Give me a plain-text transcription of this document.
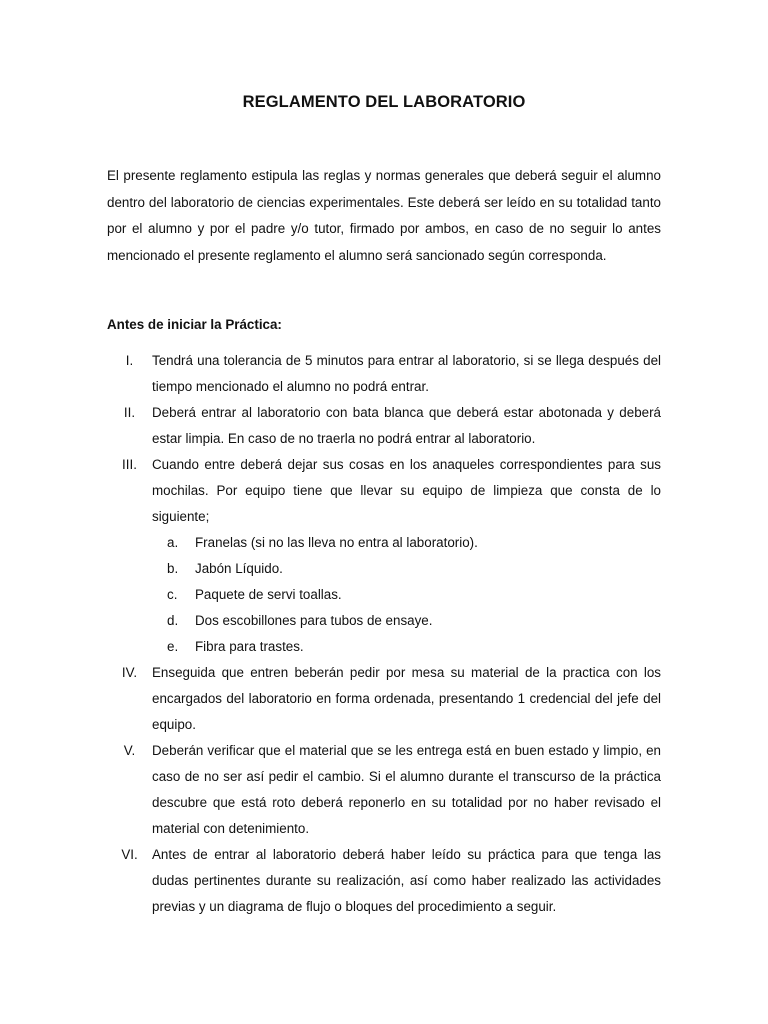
REGLAMENTO DEL LABORATORIO
El presente reglamento estipula las reglas y normas generales que deberá seguir el alumno dentro del laboratorio de ciencias experimentales. Este deberá ser leído en su totalidad tanto por el alumno y por el padre y/o tutor, firmado por ambos, en caso de no seguir lo antes mencionado el presente reglamento el alumno será sancionado según corresponda.
Antes de iniciar la Práctica:
I.	Tendrá una tolerancia de 5 minutos para entrar al laboratorio, si se llega después del tiempo mencionado el alumno no podrá entrar.
II.	Deberá entrar al laboratorio con bata blanca que deberá estar abotonada y deberá estar limpia. En caso de no traerla no podrá entrar al laboratorio.
III.	Cuando entre deberá dejar sus cosas en los anaqueles correspondientes para sus mochilas. Por equipo tiene que llevar su equipo de limpieza que consta de lo siguiente;
a.	Franelas (si no las lleva no entra al laboratorio).
b.	Jabón Líquido.
c.	Paquete de servi toallas.
d.	Dos escobillones para tubos de ensaye.
e.	Fibra para trastes.
IV.	Enseguida que entren beberán pedir por mesa su material de la practica con los encargados del laboratorio en forma ordenada, presentando 1 credencial del jefe del equipo.
V.	Deberán verificar que el material que se les entrega está en buen estado y limpio, en caso de no ser así pedir el cambio. Si el alumno durante el transcurso de la práctica descubre que está roto deberá reponerlo en su totalidad por no haber revisado el material con detenimiento.
VI.	Antes de entrar al laboratorio deberá haber leído su práctica para que tenga las dudas pertinentes durante su realización, así como haber realizado las actividades previas y un diagrama de flujo o bloques del procedimiento a seguir.
